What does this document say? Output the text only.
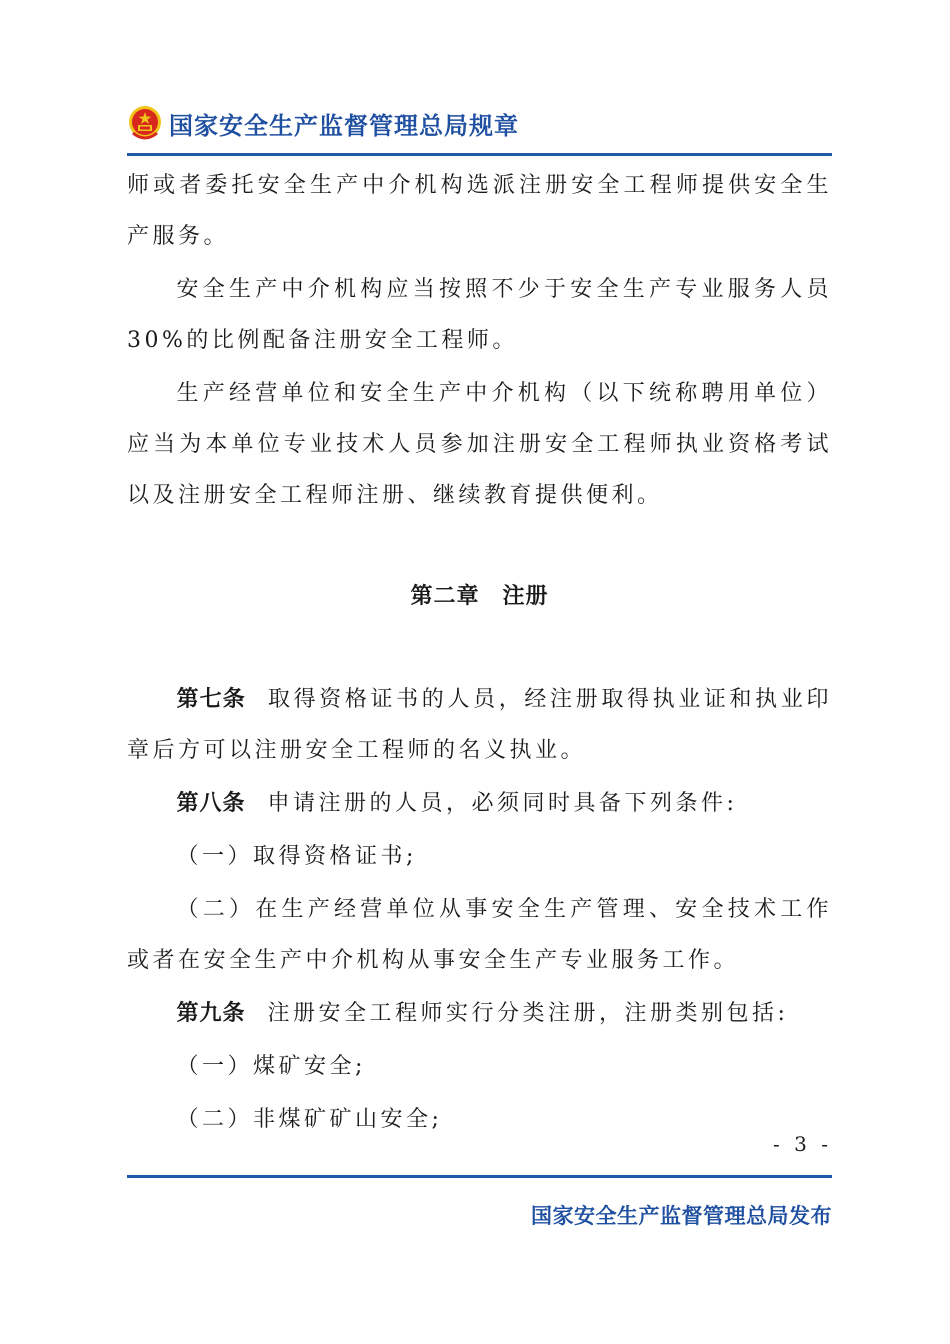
国家安全生产监督管理总局规章

师或者委托安全生产中介机构选派注册安全工程师提供安全生产服务。

安全生产中介机构应当按照不少于安全生产专业服务人员30%的比例配备注册安全工程师。

生产经营单位和安全生产中介机构（以下统称聘用单位）应当为本单位专业技术人员参加注册安全工程师执业资格考试以及注册安全工程师注册、继续教育提供便利。

第二章　注册

第七条 取得资格证书的人员，经注册取得执业证和执业印章后方可以注册安全工程师的名义执业。

第八条 申请注册的人员，必须同时具备下列条件:

（一）取得资格证书;

（二）在生产经营单位从事安全生产管理、安全技术工作或者在安全生产中介机构从事安全生产专业服务工作。

第九条 注册安全工程师实行分类注册，注册类别包括:

（一）煤矿安全;

（二）非煤矿矿山安全;

- 3 -
国家安全生产监督管理总局发布
